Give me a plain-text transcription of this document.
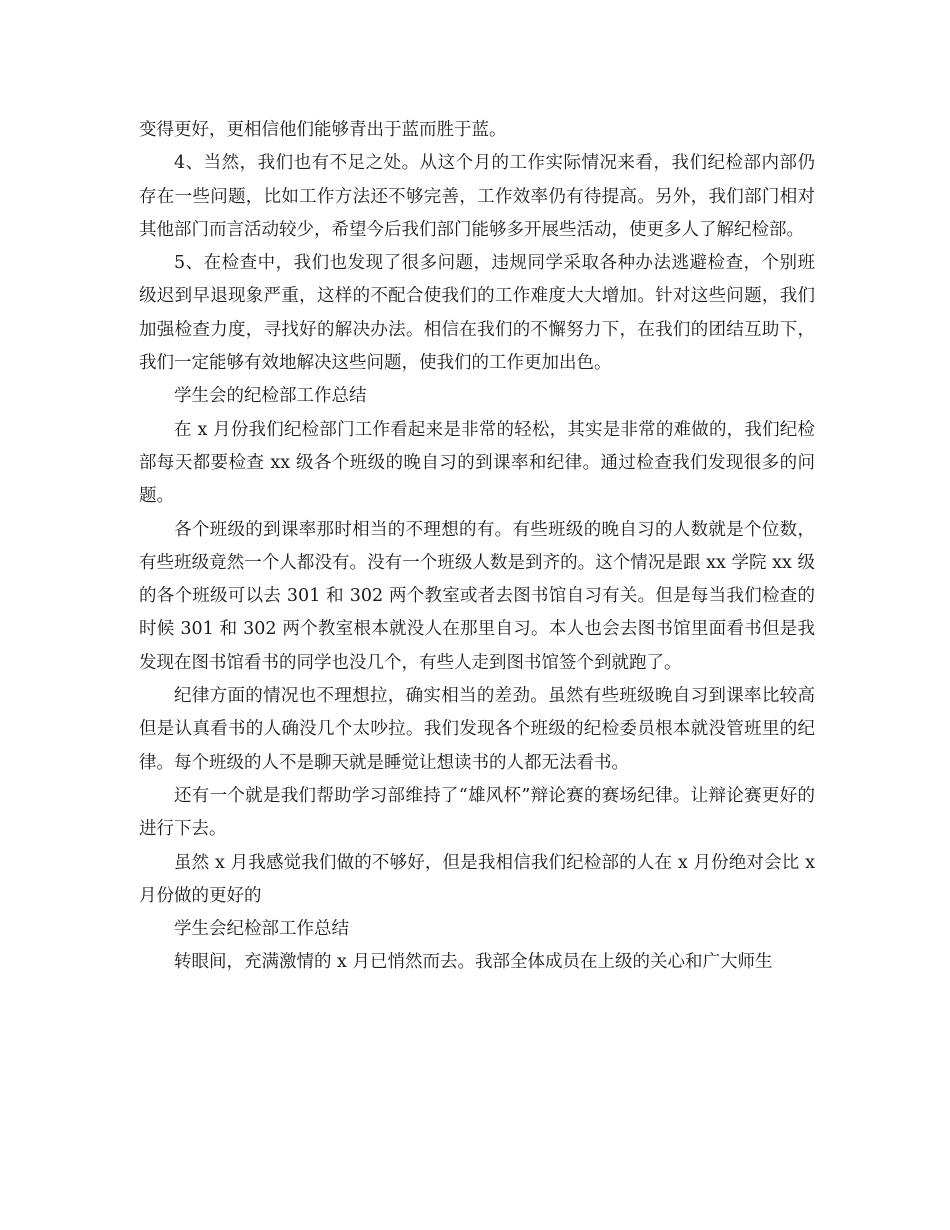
变得更好，更相信他们能够青出于蓝而胜于蓝。

4、当然，我们也有不足之处。从这个月的工作实际情况来看，我们纪检部内部仍存在一些问题，比如工作方法还不够完善，工作效率仍有待提高。另外，我们部门相对其他部门而言活动较少，希望今后我们部门能够多开展些活动，使更多人了解纪检部。

5、在检查中，我们也发现了很多问题，违规同学采取各种办法逃避检查，个别班级迟到早退现象严重，这样的不配合使我们的工作难度大大增加。针对这些问题，我们加强检查力度，寻找好的解决办法。相信在我们的不懈努力下，在我们的团结互助下，我们一定能够有效地解决这些问题，使我们的工作更加出色。

学生会的纪检部工作总结

在 x 月份我们纪检部门工作看起来是非常的轻松，其实是非常的难做的，我们纪检部每天都要检查 xx 级各个班级的晚自习的到课率和纪律。通过检查我们发现很多的问题。

各个班级的到课率那时相当的不理想的有。有些班级的晚自习的人数就是个位数，有些班级竟然一个人都没有。没有一个班级人数是到齐的。这个情况是跟 xx 学院 xx 级的各个班级可以去 301 和 302 两个教室或者去图书馆自习有关。但是每当我们检查的时候 301 和 302 两个教室根本就没人在那里自习。本人也会去图书馆里面看书但是我发现在图书馆看书的同学也没几个，有些人走到图书馆签个到就跑了。

纪律方面的情况也不理想拉，确实相当的差劲。虽然有些班级晚自习到课率比较高但是认真看书的人确没几个太吵拉。我们发现各个班级的纪检委员根本就没管班里的纪律。每个班级的人不是聊天就是睡觉让想读书的人都无法看书。

还有一个就是我们帮助学习部维持了“雄风杯”辩论赛的赛场纪律。让辩论赛更好的进行下去。

虽然 x 月我感觉我们做的不够好，但是我相信我们纪检部的人在 x 月份绝对会比 x 月份做的更好的

学生会纪检部工作总结

转眼间，充满激情的 x 月已悄然而去。我部全体成员在上级的关心和广大师生
